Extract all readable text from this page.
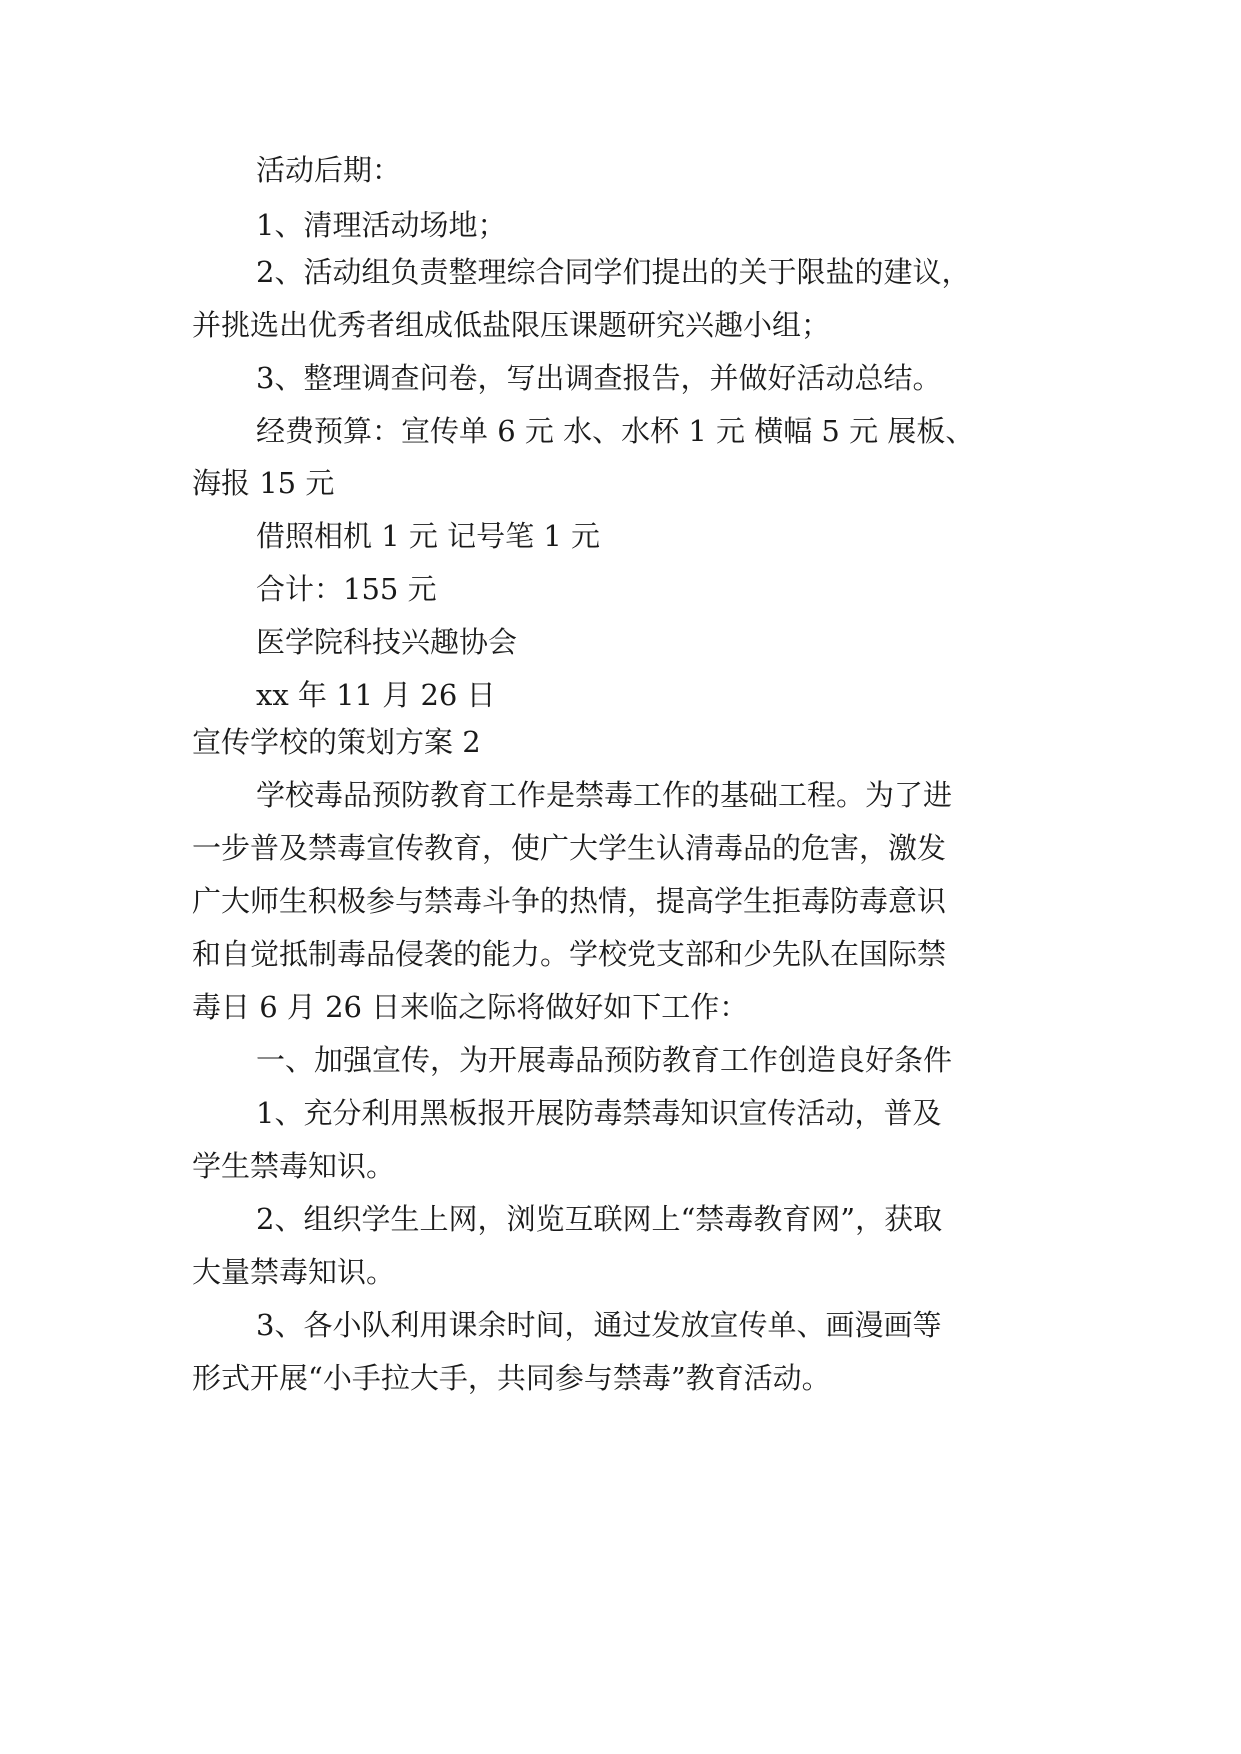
活动后期：
1、清理活动场地；
2、活动组负责整理综合同学们提出的关于限盐的建议，
并挑选出优秀者组成低盐限压课题研究兴趣小组；
3、整理调查问卷，写出调查报告，并做好活动总结。
经费预算：宣传单 6 元 水、水杯 1 元 横幅 5 元 展板、
海报 15 元
借照相机 1 元 记号笔 1 元
合计：155 元
医学院科技兴趣协会
xx 年 11 月 26 日
宣传学校的策划方案 2
学校毒品预防教育工作是禁毒工作的基础工程。为了进
一步普及禁毒宣传教育，使广大学生认清毒品的危害，激发
广大师生积极参与禁毒斗争的热情，提高学生拒毒防毒意识
和自觉抵制毒品侵袭的能力。学校党支部和少先队在国际禁
毒日 6 月 26 日来临之际将做好如下工作：
一、加强宣传，为开展毒品预防教育工作创造良好条件
1、充分利用黑板报开展防毒禁毒知识宣传活动，普及
学生禁毒知识。
2、组织学生上网，浏览互联网上“禁毒教育网”，获取
大量禁毒知识。
3、各小队利用课余时间，通过发放宣传单、画漫画等
形式开展“小手拉大手，共同参与禁毒”教育活动。
